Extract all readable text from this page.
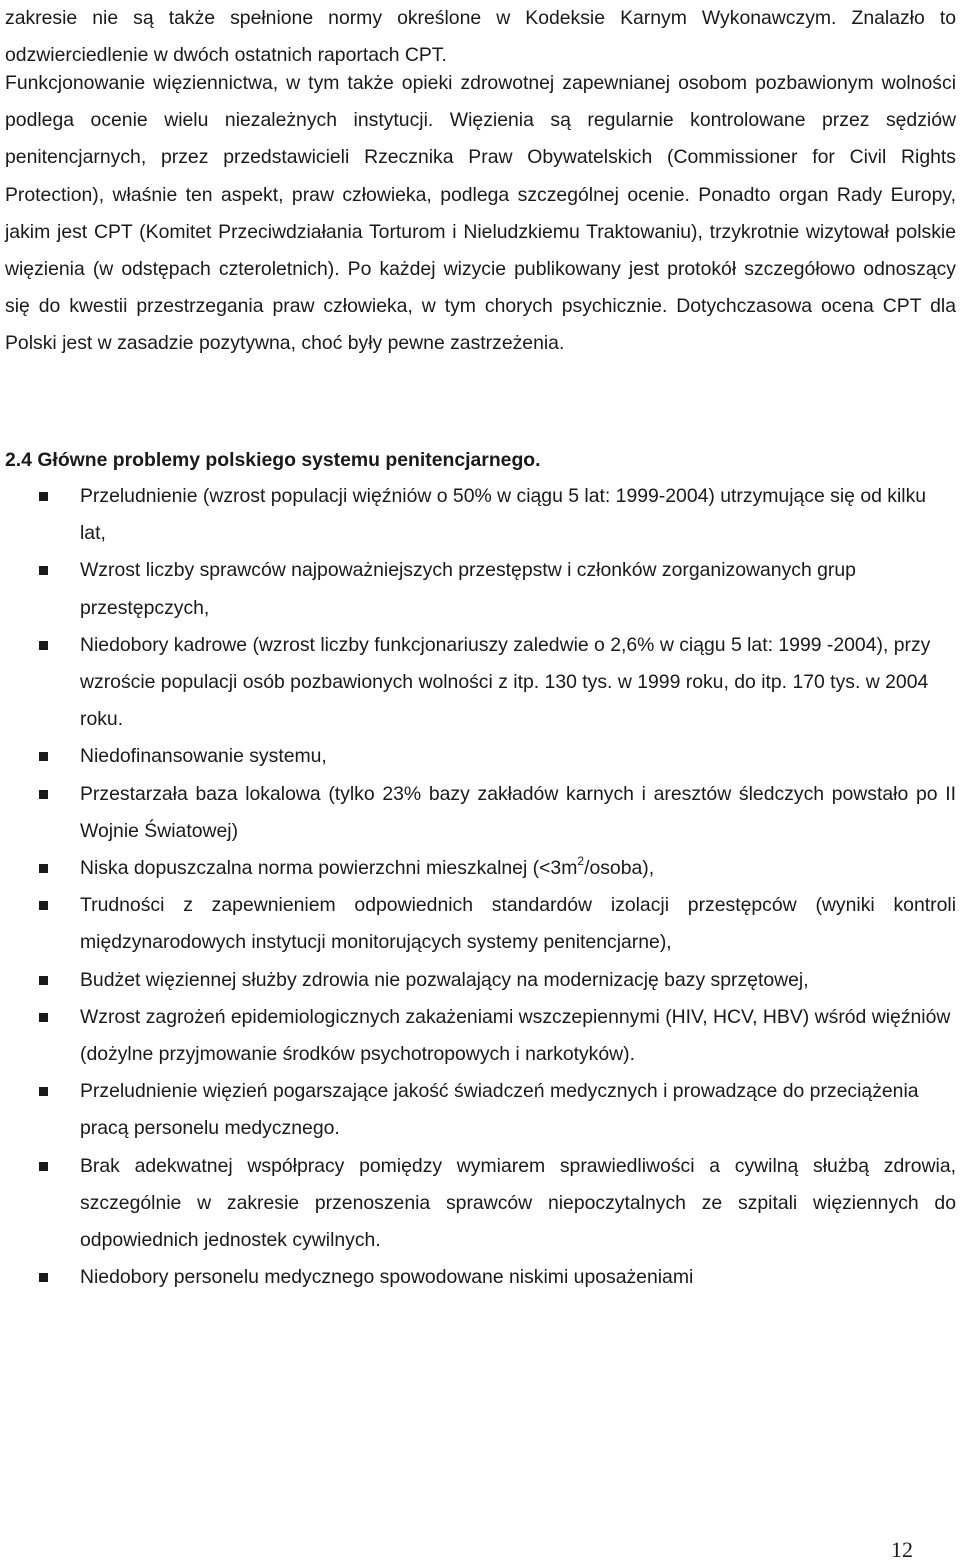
zakresie nie są także spełnione normy określone w Kodeksie Karnym Wykonawczym. Znalazło to odzwierciedlenie w dwóch ostatnich raportach CPT.

Funkcjonowanie więziennictwa, w tym także opieki zdrowotnej zapewnianej osobom pozbawionym wolności podlega ocenie wielu niezależnych instytucji. Więzienia są regularnie kontrolowane przez sędziów penitencjarnych, przez przedstawicieli Rzecznika Praw Obywatelskich (Commissioner for Civil Rights Protection), właśnie ten aspekt, praw człowieka, podlega szczególnej ocenie. Ponadto organ Rady Europy, jakim jest CPT (Komitet Przeciwdziałania Torturom i Nieludzkiemu Traktowaniu), trzykrotnie wizytował polskie więzienia (w odstępach czteroletnich). Po każdej wizycie publikowany jest protokół szczegółowo odnoszący się do kwestii przestrzegania praw człowieka, w tym chorych psychicznie. Dotychczasowa ocena CPT dla Polski jest w zasadzie pozytywna, choć były pewne zastrzeżenia.

2.4 Główne problemy polskiego systemu penitencjarnego.
Przeludnienie (wzrost populacji więźniów o 50% w ciągu 5 lat: 1999-2004) utrzymujące się od kilku lat,
Wzrost liczby sprawców najpoważniejszych przestępstw i członków zorganizowanych grup przestępczych,
Niedobory kadrowe (wzrost liczby funkcjonariuszy zaledwie o 2,6% w ciągu 5 lat: 1999 -2004), przy wzroście populacji osób pozbawionych wolności z itp. 130 tys. w 1999 roku, do itp. 170 tys. w 2004 roku.
Niedofinansowanie systemu,
Przestarzała baza lokalowa (tylko 23% bazy zakładów karnych i aresztów śledczych powstało po II Wojnie Światowej)
Niska dopuszczalna norma powierzchni mieszkalnej $(<3m^2/osoba)$,
Trudności z zapewnieniem odpowiednich standardów izolacji przestępców (wyniki kontroli międzynarodowych instytucji monitorujących systemy penitencjarne),
Budżet więziennej służby zdrowia nie pozwalający na modernizację bazy sprzętowej,
Wzrost zagrożeń epidemiologicznych zakażeniami wszczepiennymi (HIV, HCV, HBV) wśród więźniów (dożylne przyjmowanie środków psychotropowych i narkotyków).
Przeludnienie więzień pogarszające jakość świadczeń medycznych i prowadzące do przeciążenia pracą personelu medycznego.
Brak adekwatnej współpracy pomiędzy wymiarem sprawiedliwości a cywilną służbą zdrowia, szczególnie w zakresie przenoszenia sprawców niepoczytalnych ze szpitali więziennych do odpowiednich jednostek cywilnych.
Niedobory personelu medycznego spowodowane niskimi uposażeniami
12
